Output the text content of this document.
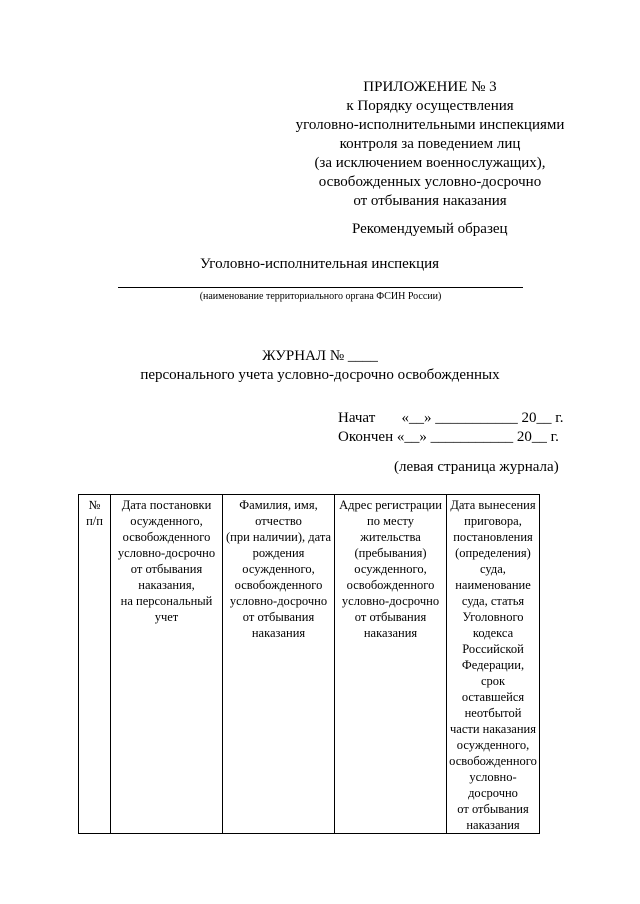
ПРИЛОЖЕНИЕ № 3
к Порядку осуществления
уголовно-исполнительными инспекциями
контроля за поведением лиц
(за исключением военнослужащих),
освобожденных условно-досрочно
от отбывания наказания
Рекомендуемый образец
Уголовно-исполнительная инспекция
(наименование территориального органа ФСИН России)
ЖУРНАЛ № ____
персонального учета условно-досрочно освобожденных
Начат       «__» ___________ 20__ г.
Окончен «__» ___________ 20__ г.
(левая страница журнала)
№
п/п

Дата постановки
осужденного,
освобожденного
условно-досрочно
от отбывания
наказания,
на персональный
учет

Фамилия, имя,
отчество
(при наличии), дата
рождения
осужденного,
освобожденного
условно-досрочно
от отбывания
наказания

Адрес регистрации
по месту
жительства
(пребывания)
осужденного,
освобожденного
условно-досрочно
от отбывания
наказания

Дата вынесения
приговора,
постановления
(определения)
суда,
наименование
суда, статья
Уголовного
кодекса
Российской
Федерации,
срок
оставшейся
неотбытой
части наказания
осужденного,
освобожденного
условно-
досрочно
от отбывания
наказания
